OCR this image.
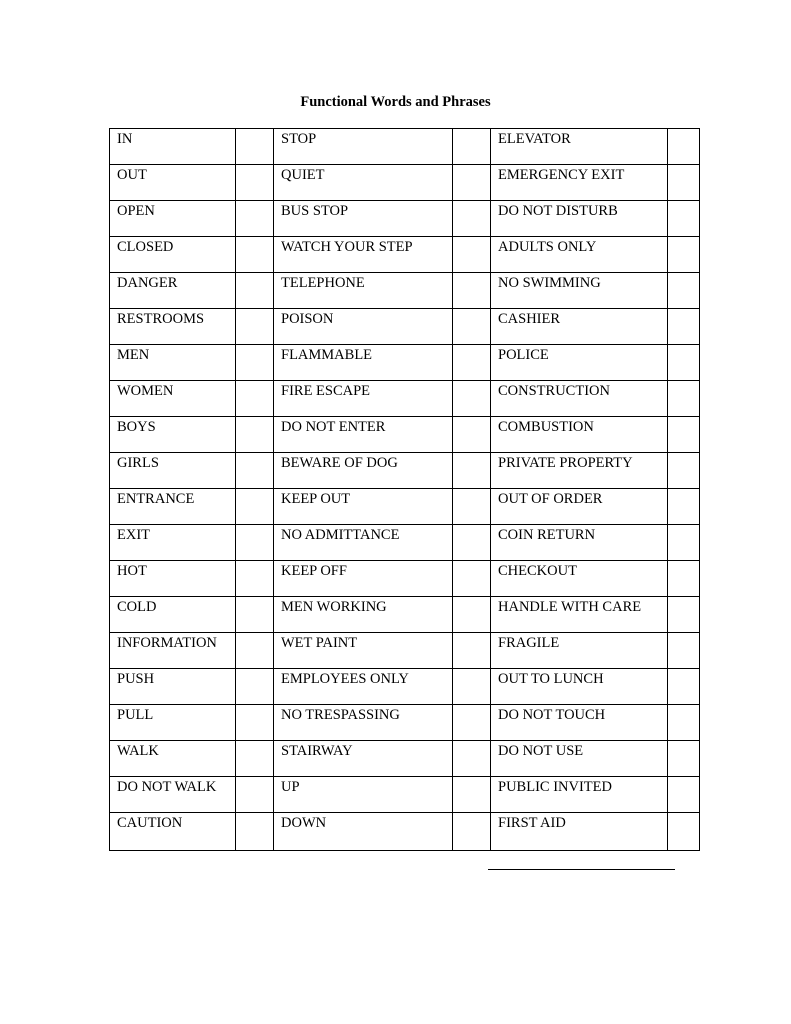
Functional Words and Phrases
IN		STOP		ELEVATOR	
OUT		QUIET		EMERGENCY EXIT	
OPEN		BUS STOP		DO NOT DISTURB	
CLOSED		WATCH YOUR STEP		ADULTS ONLY	
DANGER		TELEPHONE		NO SWIMMING	
RESTROOMS		POISON		CASHIER	
MEN		FLAMMABLE		POLICE	
WOMEN		FIRE ESCAPE		CONSTRUCTION	
BOYS		DO NOT ENTER		COMBUSTION	
GIRLS		BEWARE OF DOG		PRIVATE PROPERTY	
ENTRANCE		KEEP OUT		OUT OF ORDER	
EXIT		NO ADMITTANCE		COIN RETURN	
HOT		KEEP OFF		CHECKOUT	
COLD		MEN WORKING		HANDLE WITH CARE	
INFORMATION		WET PAINT		FRAGILE	
PUSH		EMPLOYEES ONLY		OUT TO LUNCH	
PULL		NO TRESPASSING		DO NOT TOUCH	
WALK		STAIRWAY		DO NOT USE	
DO NOT WALK		UP		PUBLIC INVITED	
CAUTION		DOWN		FIRST AID	
